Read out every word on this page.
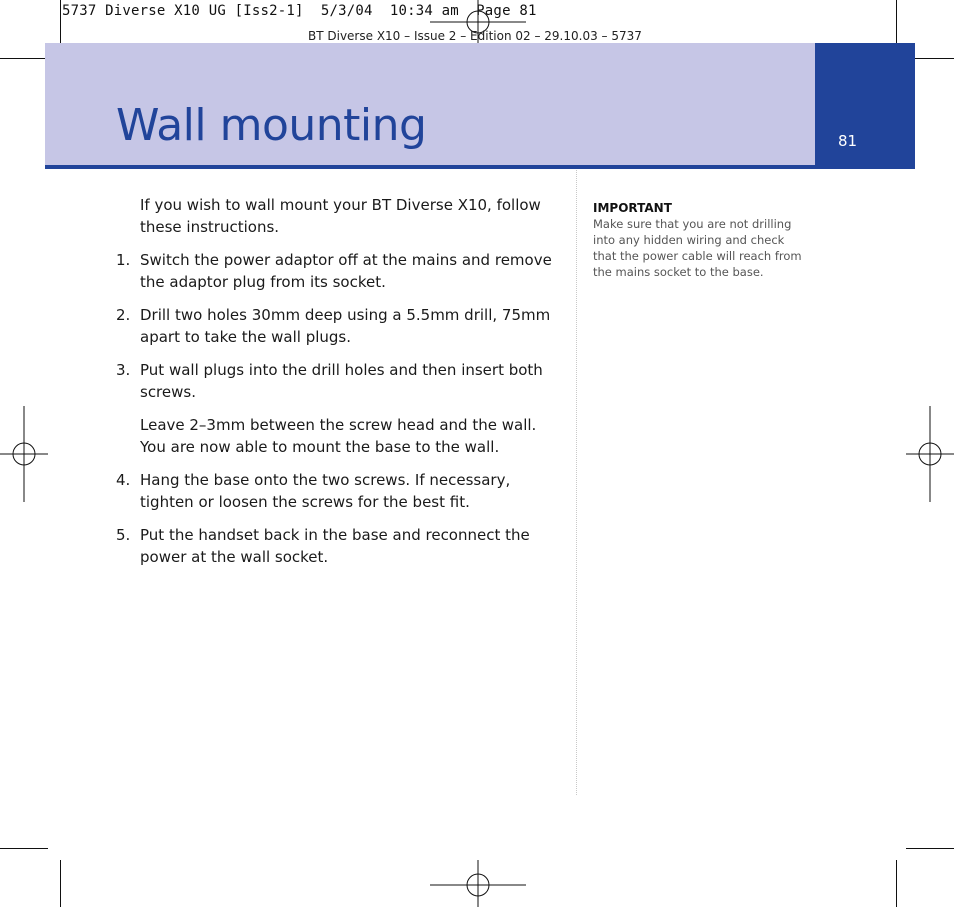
5737 Diverse X10 UG [Iss2-1]  5/3/04  10:34 am  Page 81
BT Diverse X10 – Issue 2 – Edition 02 – 29.10.03 – 5737
Wall mounting	81

If you wish to wall mount your BT Diverse X10, follow these instructions.

1. Switch the power adaptor off at the mains and remove the adaptor plug from its socket.
2. Drill two holes 30mm deep using a 5.5mm drill, 75mm apart to take the wall plugs.
3. Put wall plugs into the drill holes and then insert both screws.

Leave 2–3mm between the screw head and the wall. You are now able to mount the base to the wall.

4. Hang the base onto the two screws. If necessary, tighten or loosen the screws for the best fit.
5. Put the handset back in the base and reconnect the power at the wall socket.
IMPORTANT
Make sure that you are not drilling into any hidden wiring and check that the power cable will reach from the mains socket to the base.
